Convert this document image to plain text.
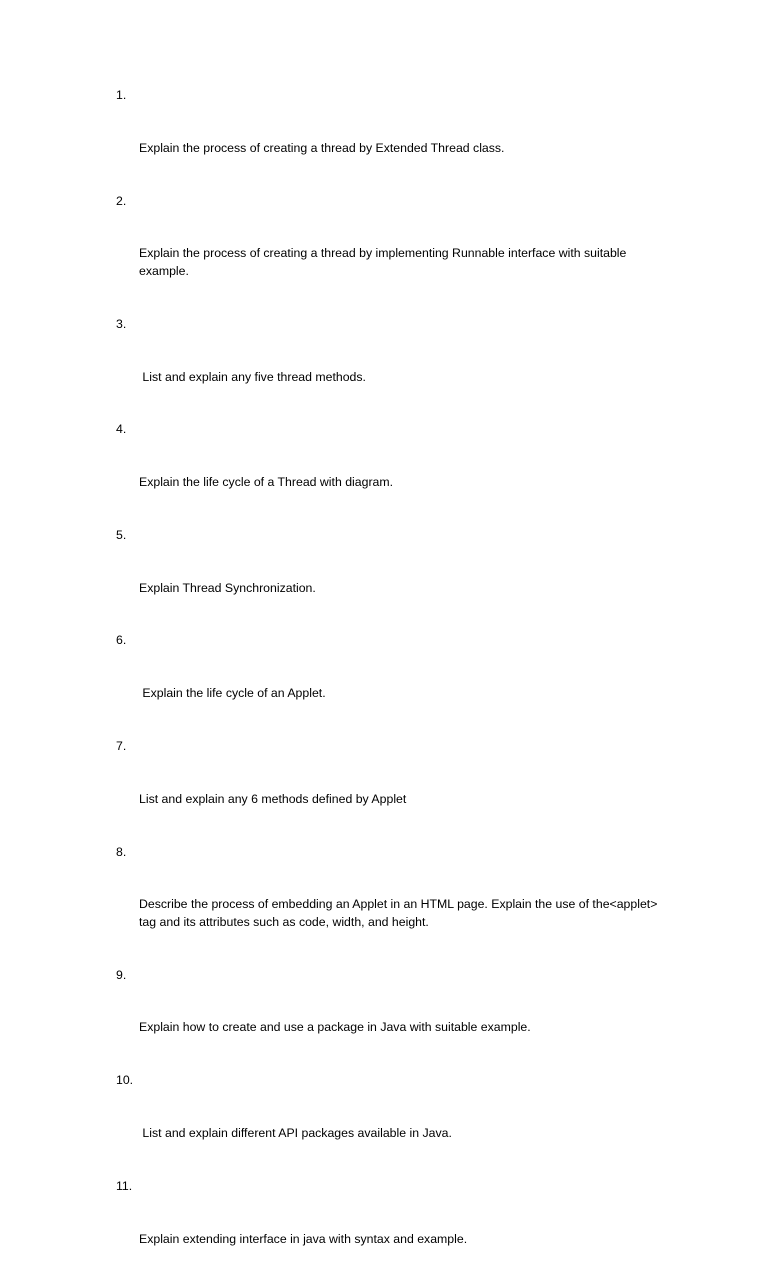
1.

Explain the process of creating a thread by Extended Thread class.

2.

Explain the process of creating a thread by implementing Runnable interface with suitable example.

3.

List and explain any five thread methods.

4.

Explain the life cycle of a Thread with diagram.

5.

Explain Thread Synchronization.

6.

Explain the life cycle of an Applet.

7.

List and explain any 6 methods defined by Applet

8.

Describe the process of embedding an Applet in an HTML page. Explain the use of the<applet> tag and its attributes such as code, width, and height.

9.

Explain how to create and use a package in Java with suitable example.

10.

List and explain different API packages available in Java.

11.

Explain extending interface in java with syntax and example.
